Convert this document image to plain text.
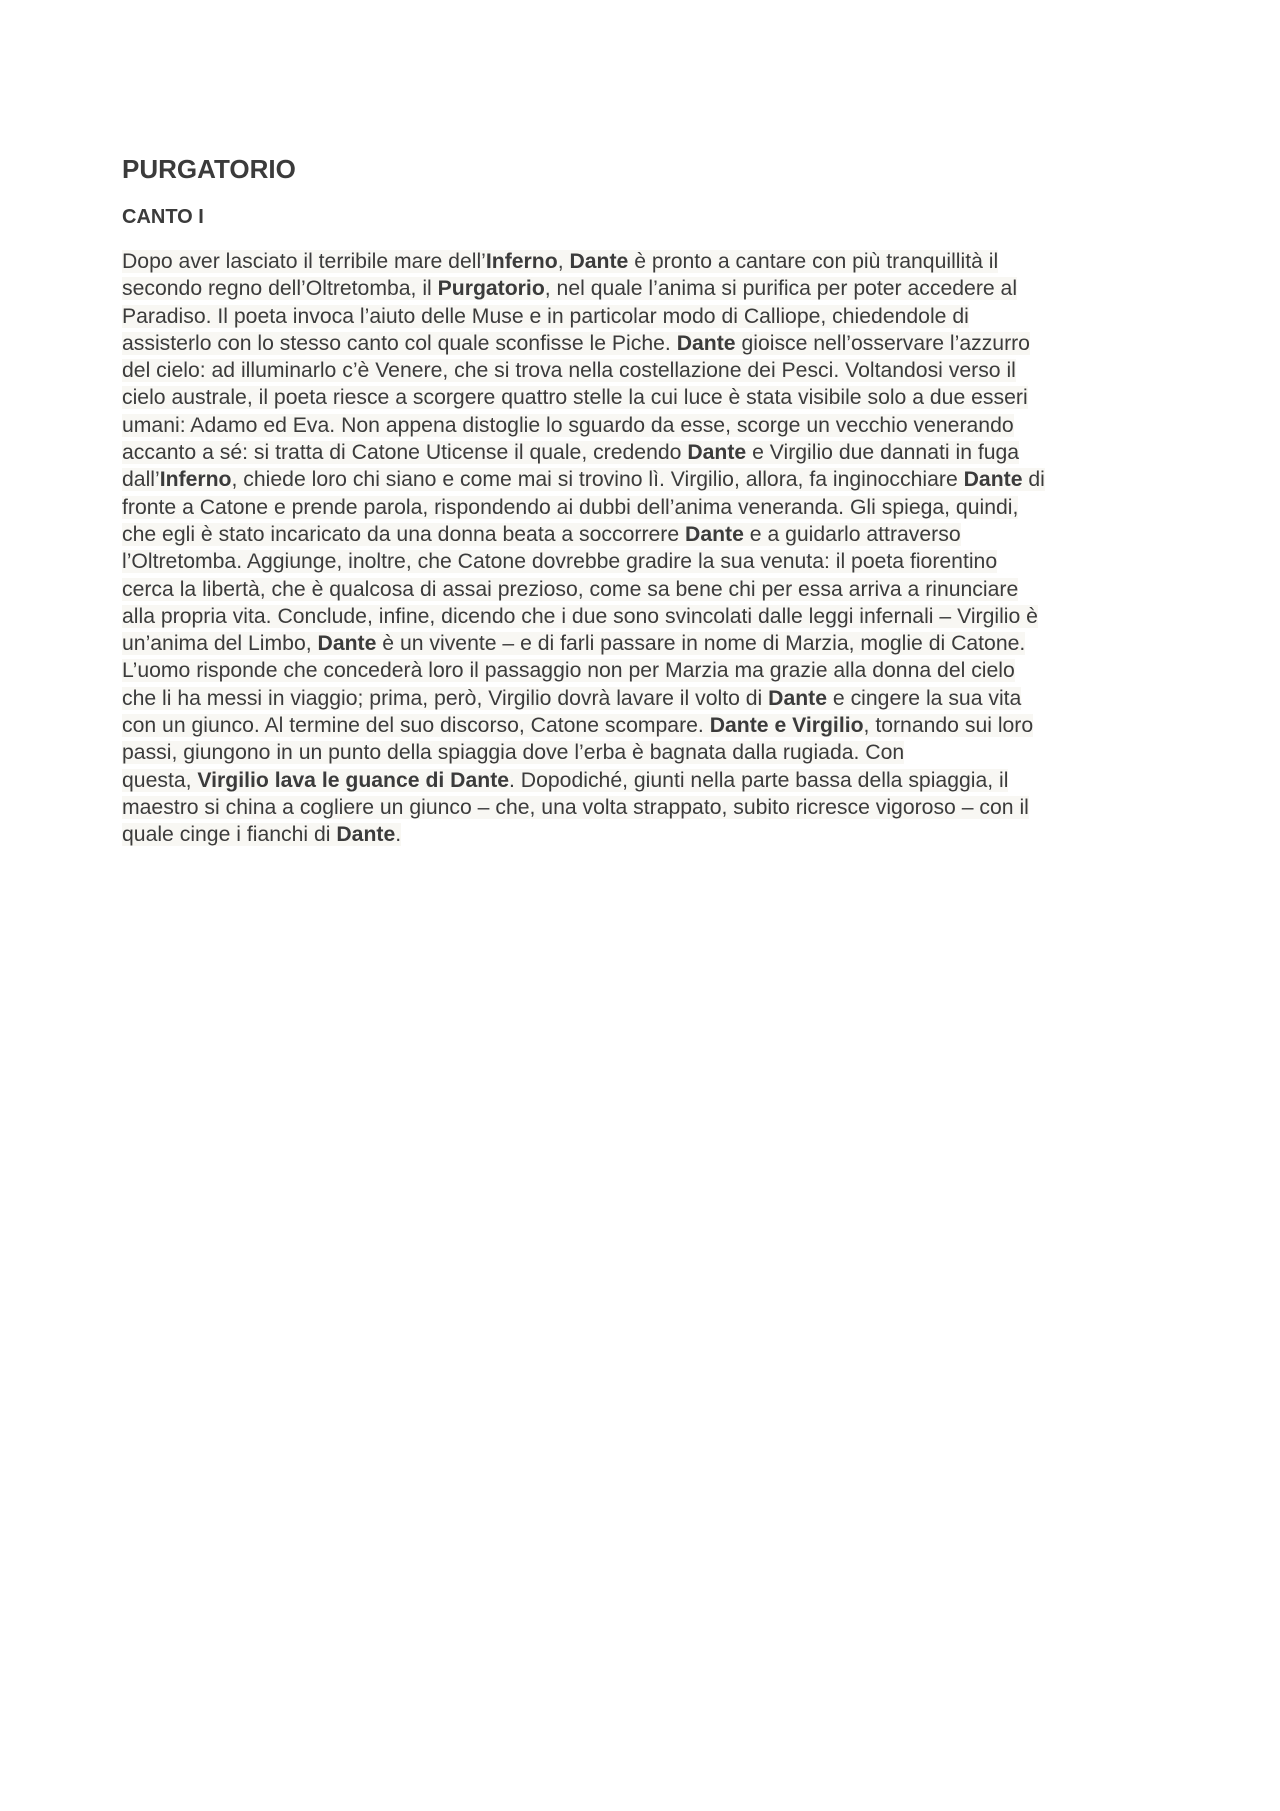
PURGATORIO
CANTO I
Dopo aver lasciato il terribile mare dell’Inferno, Dante è pronto a cantare con più tranquillità il
secondo regno dell’Oltretomba, il Purgatorio, nel quale l’anima si purifica per poter accedere al
Paradiso. Il poeta invoca l’aiuto delle Muse e in particolar modo di Calliope, chiedendole di
assisterlo con lo stesso canto col quale sconfisse le Piche. Dante gioisce nell’osservare l’azzurro
del cielo: ad illuminarlo c’è Venere, che si trova nella costellazione dei Pesci. Voltandosi verso il
cielo australe, il poeta riesce a scorgere quattro stelle la cui luce è stata visibile solo a due esseri
umani: Adamo ed Eva. Non appena distoglie lo sguardo da esse, scorge un vecchio venerando
accanto a sé: si tratta di Catone Uticense il quale, credendo Dante e Virgilio due dannati in fuga
dall’Inferno, chiede loro chi siano e come mai si trovino lì. Virgilio, allora, fa inginocchiare Dante di
fronte a Catone e prende parola, rispondendo ai dubbi dell’anima veneranda. Gli spiega, quindi,
che egli è stato incaricato da una donna beata a soccorrere Dante e a guidarlo attraverso
l’Oltretomba. Aggiunge, inoltre, che Catone dovrebbe gradire la sua venuta: il poeta fiorentino
cerca la libertà, che è qualcosa di assai prezioso, come sa bene chi per essa arriva a rinunciare
alla propria vita. Conclude, infine, dicendo che i due sono svincolati dalle leggi infernali – Virgilio è
un’anima del Limbo, Dante è un vivente – e di farli passare in nome di Marzia, moglie di Catone.
L’uomo risponde che concederà loro il passaggio non per Marzia ma grazie alla donna del cielo
che li ha messi in viaggio; prima, però, Virgilio dovrà lavare il volto di Dante e cingere la sua vita
con un giunco. Al termine del suo discorso, Catone scompare. Dante e Virgilio, tornando sui loro
passi, giungono in un punto della spiaggia dove l’erba è bagnata dalla rugiada. Con
questa, Virgilio lava le guance di Dante. Dopodiché, giunti nella parte bassa della spiaggia, il
maestro si china a cogliere un giunco – che, una volta strappato, subito ricresce vigoroso – con il
quale cinge i fianchi di Dante.
